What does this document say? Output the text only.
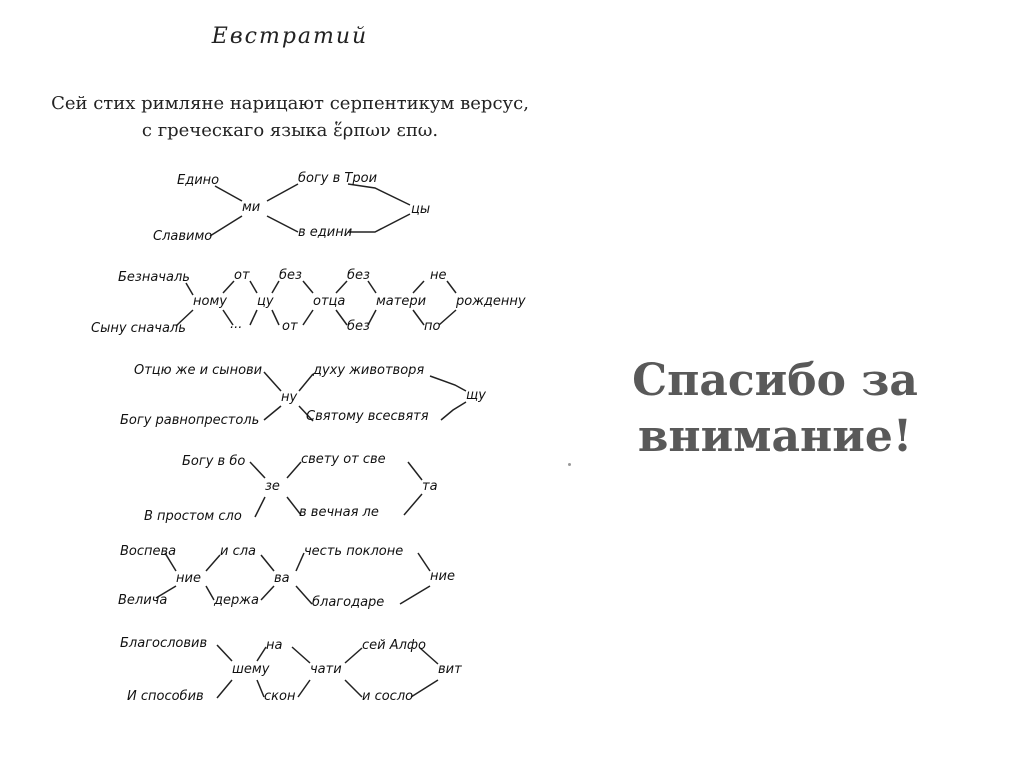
Евстратий
Сей стих римляне нарицают серпентикум версус,
с греческаго языка ἕρπων επω.
Едино
ми
богу в Трои
цы
Славимо	в едини
Безначаль
ному
от
цу
без
отца
без
матери
не
рожденну
Сыну сначаль	...	от	без	по
Отцю же и сынови
ну
духу животворя
щу
Богу равнопрестоль	Святому всесвятя
Богу в бо
зе
свету от све
та
В простом сло	в вечная ле
Воспева
ние
и сла
ва
честь поклоне
ние
Велича	держа	благодаре
Благословив
шему
на
чати
сей Алфо
вит
И способив	скон	и сосло
Спасибо за внимание!
